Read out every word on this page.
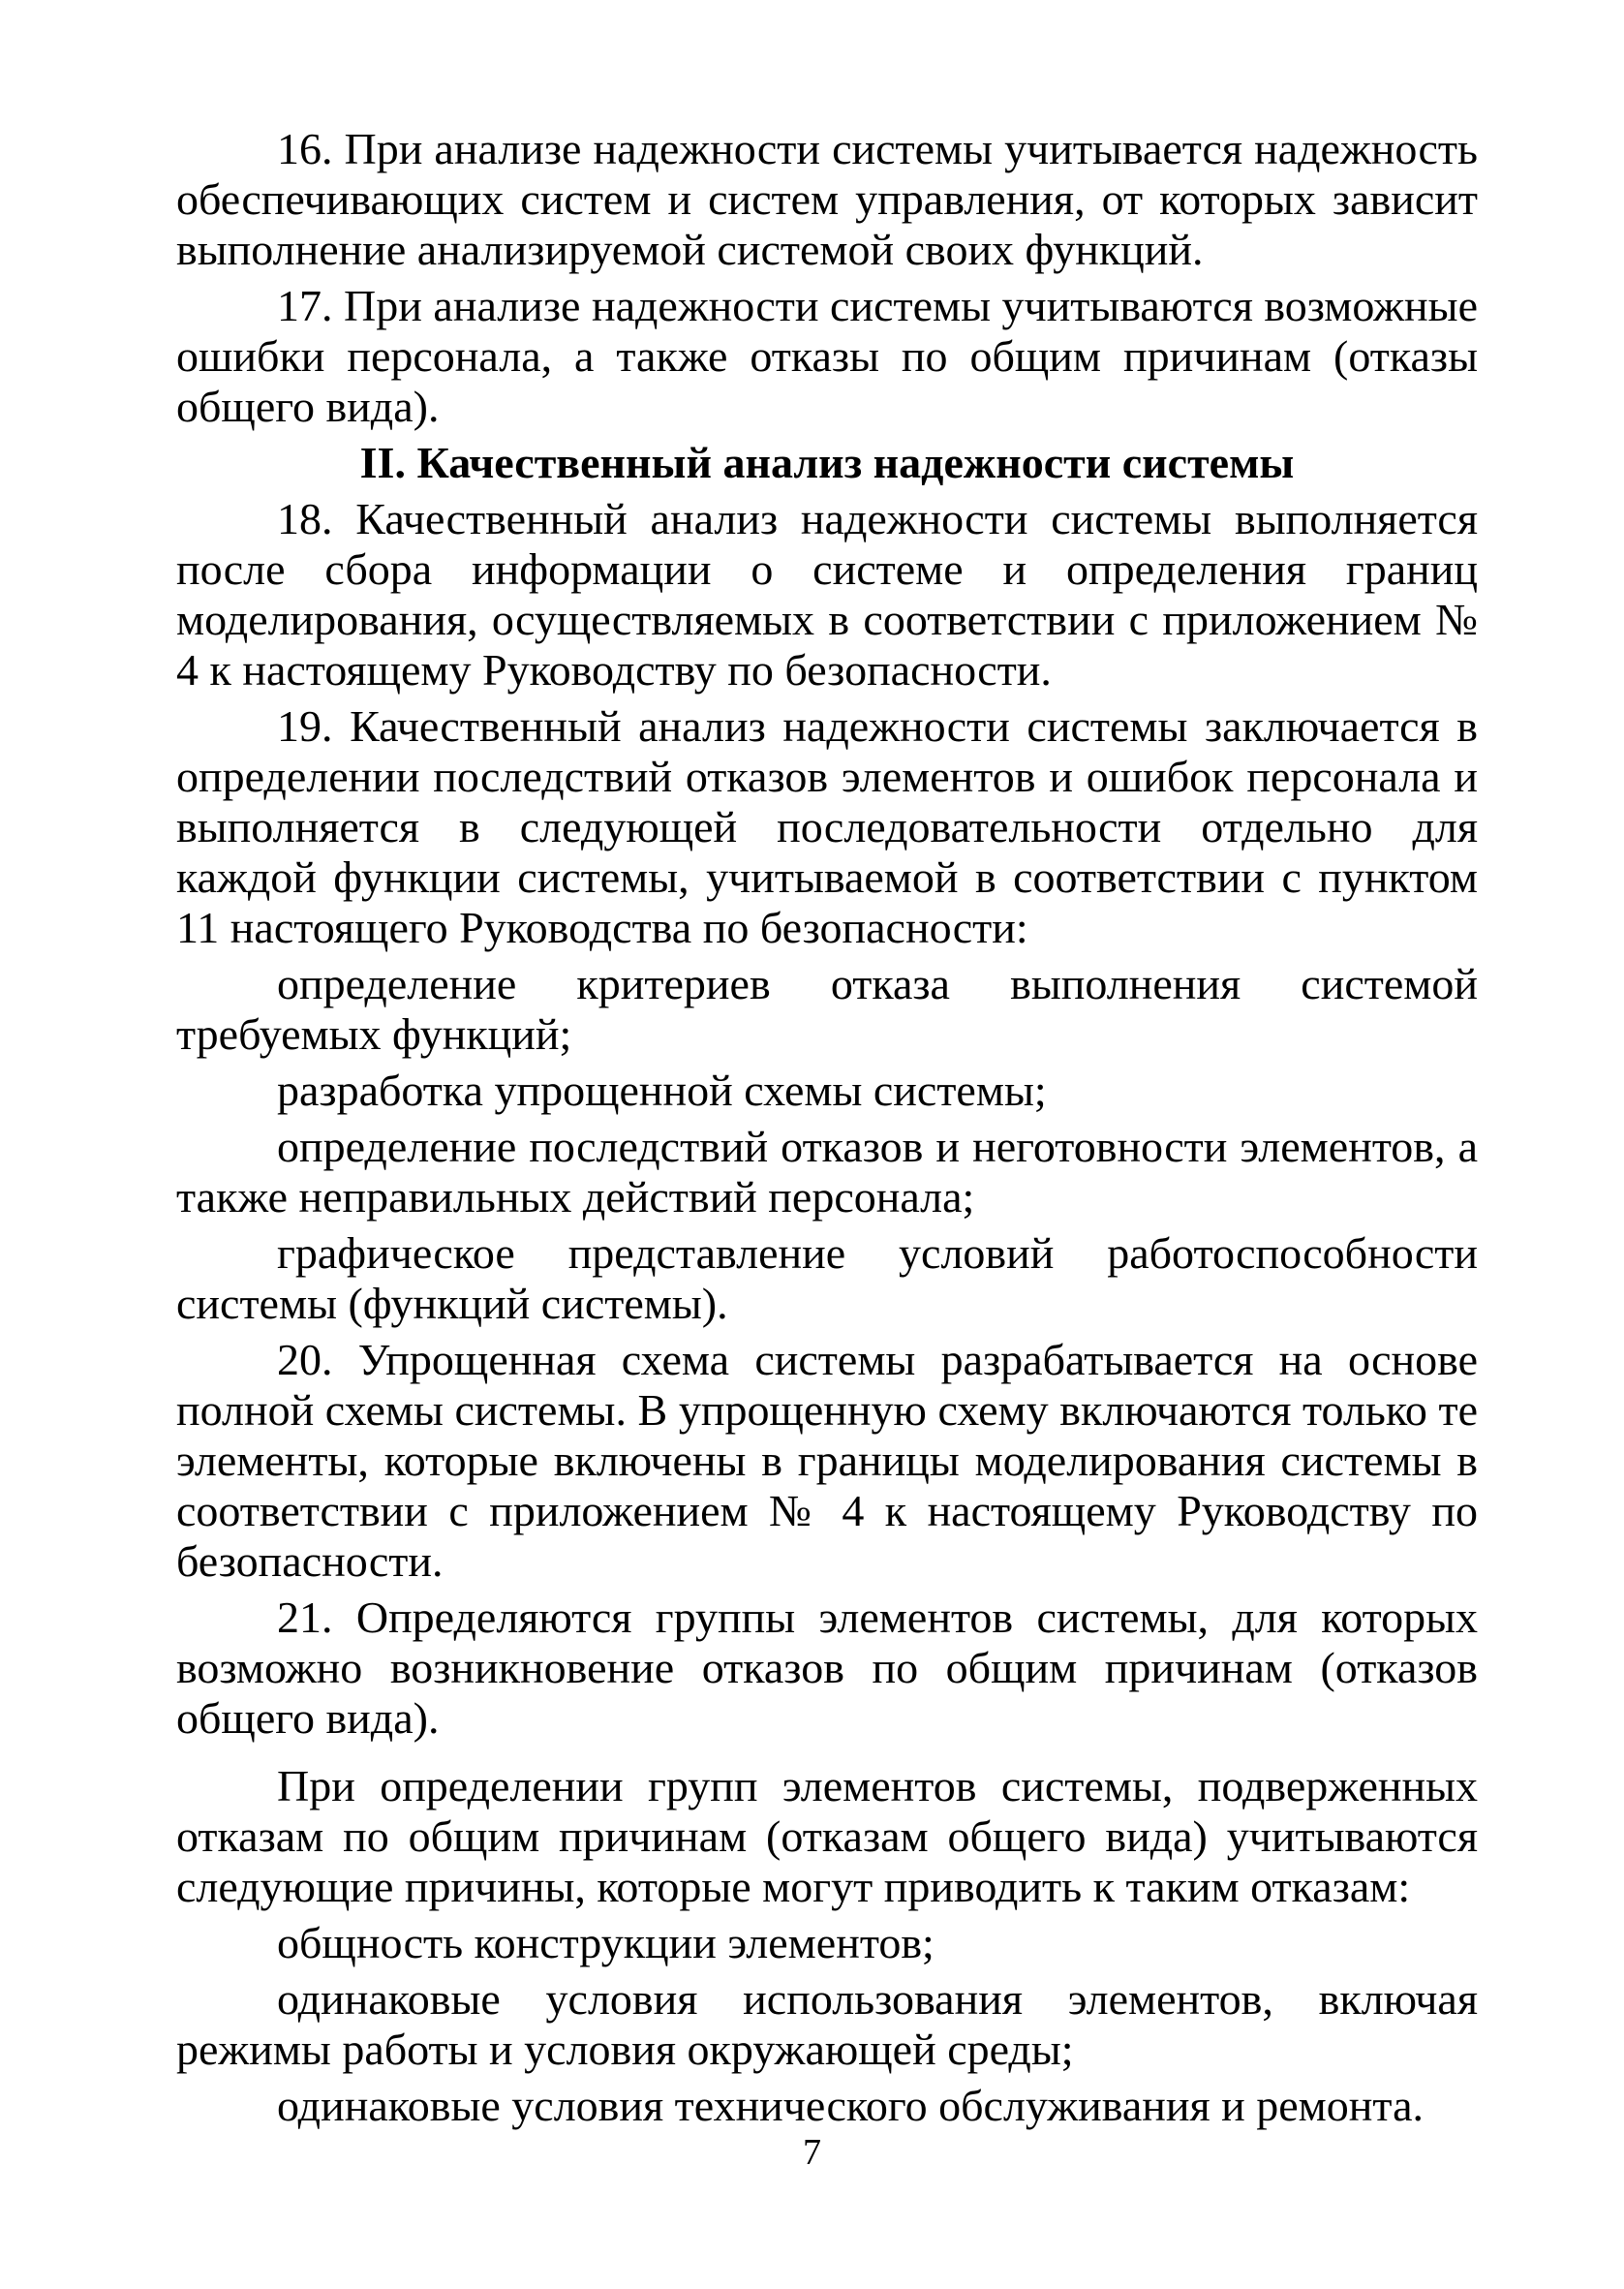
16. При анализе надежности системы учитывается надежность обеспечивающих систем и систем управления, от которых зависит выполнение анализируемой системой своих функций.

17. При анализе надежности системы учитываются возможные ошибки персонала, а также отказы по общим причинам (отказы общего вида).

II. Качественный анализ надежности системы

18. Качественный анализ надежности системы выполняется после сбора информации о системе и определения границ моделирования, осуществляемых в соответствии с приложением № 4 к настоящему Руководству по безопасности.

19. Качественный анализ надежности системы заключается в определении последствий отказов элементов и ошибок персонала и выполняется в следующей последовательности отдельно для каждой функции системы, учитываемой в соответствии с пунктом 11 настоящего Руководства по безопасности:

определение критериев отказа выполнения системой требуемых функций;

разработка упрощенной схемы системы;

определение последствий отказов и неготовности элементов, а также неправильных действий персонала;

графическое представление условий работоспособности системы (функций системы).

20. Упрощенная схема системы разрабатывается на основе полной схемы системы. В упрощенную схему включаются только те элементы, которые включены в границы моделирования системы в соответствии с приложением № 4 к настоящему Руководству по безопасности.

21. Определяются группы элементов системы, для которых возможно возникновение отказов по общим причинам (отказов общего вида).

При определении групп элементов системы, подверженных отказам по общим причинам (отказам общего вида) учитываются следующие причины, которые могут приводить к таким отказам:

общность конструкции элементов;

одинаковые условия использования элементов, включая режимы работы и условия окружающей среды;

одинаковые условия технического обслуживания и ремонта.

7
